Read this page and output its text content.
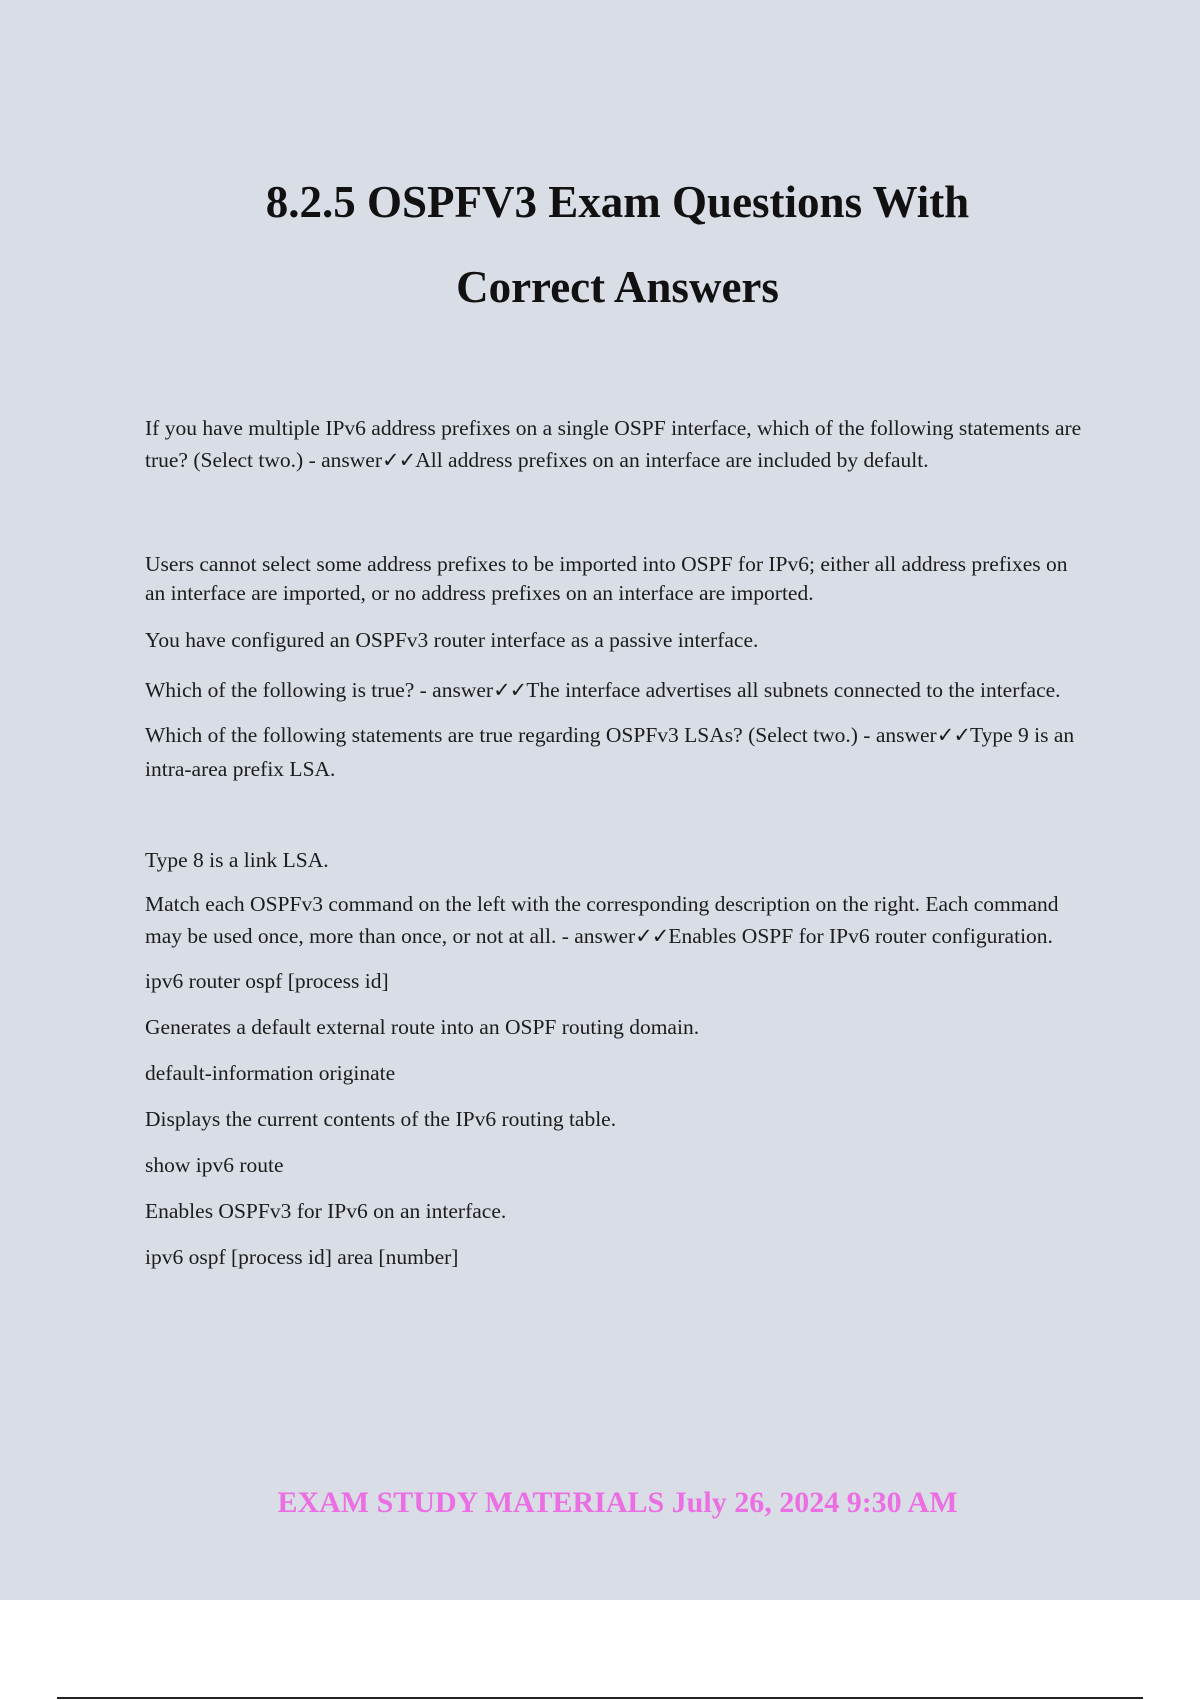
8.2.5 OSPFV3 Exam Questions With
Correct Answers

If you have multiple IPv6 address prefixes on a single OSPF interface, which of the following statements are true? (Select two.) - answer✓✓All address prefixes on an interface are included by default.

Users cannot select some address prefixes to be imported into OSPF for IPv6; either all address prefixes on an interface are imported, or no address prefixes on an interface are imported.

You have configured an OSPFv3 router interface as a passive interface.

Which of the following is true? - answer✓✓The interface advertises all subnets connected to the interface.

Which of the following statements are true regarding OSPFv3 LSAs? (Select two.) - answer✓✓Type 9 is an intra-area prefix LSA.

Type 8 is a link LSA.

Match each OSPFv3 command on the left with the corresponding description on the right. Each command may be used once, more than once, or not at all. - answer✓✓Enables OSPF for IPv6 router configuration.

ipv6 router ospf [process id]

Generates a default external route into an OSPF routing domain.

default-information originate

Displays the current contents of the IPv6 routing table.

show ipv6 route

Enables OSPFv3 for IPv6 on an interface.

ipv6 ospf [process id] area [number]

EXAM STUDY MATERIALS July 26, 2024 9:30 AM
